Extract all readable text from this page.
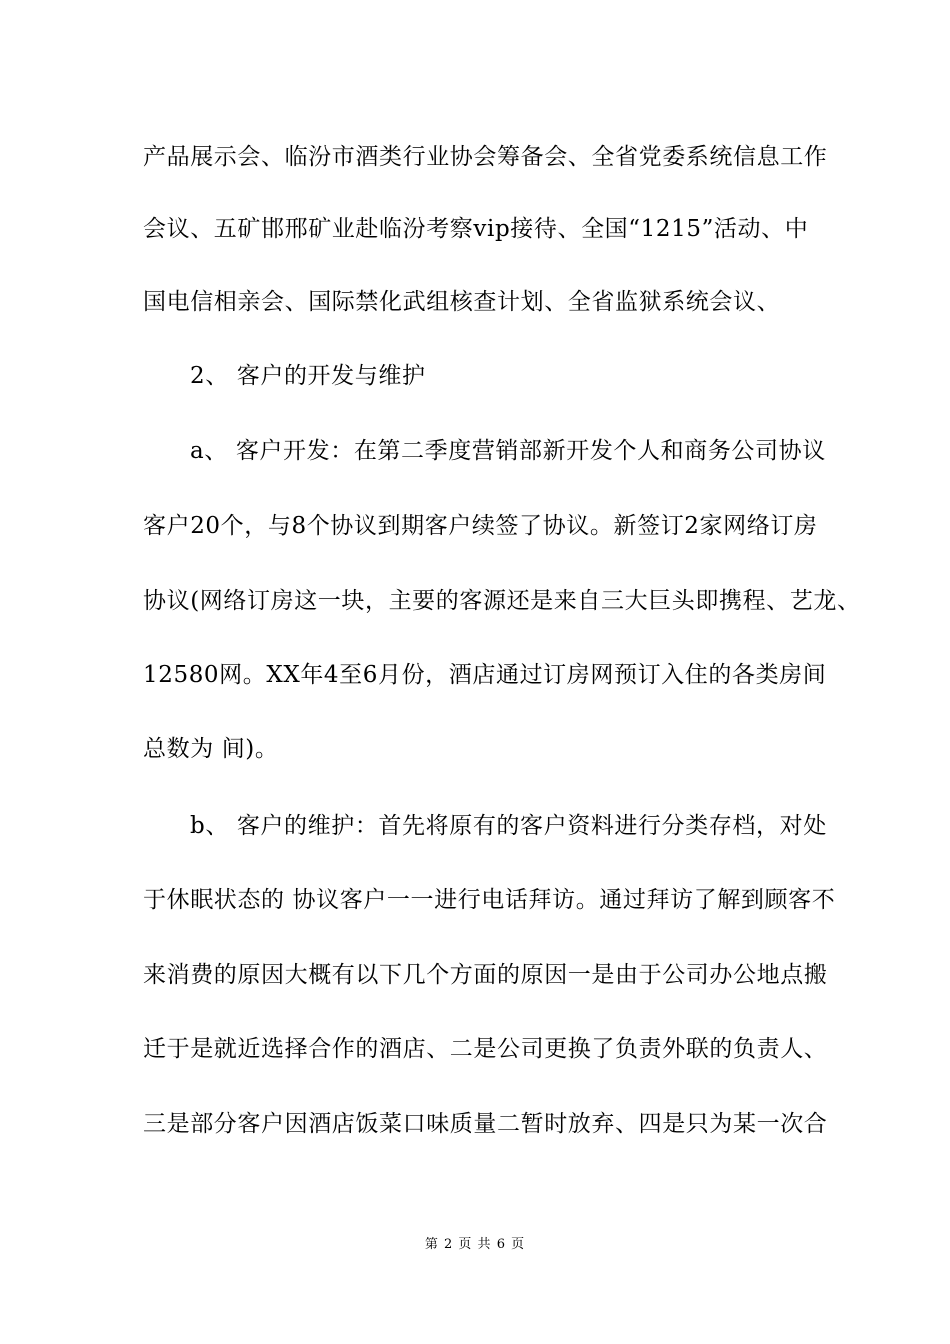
产品展示会、临汾市酒类行业协会筹备会、全省党委系统信息工作
会议、五矿邯邢矿业赴临汾考察vip接待、全国“1215”活动、中
国电信相亲会、国际禁化武组核查计划、全省监狱系统会议、
2、 客户的开发与维护
a、 客户开发：在第二季度营销部新开发个人和商务公司协议
客户20个，与8个协议到期客户续签了协议。新签订2家网络订房
协议(网络订房这一块，主要的客源还是来自三大巨头即携程、艺龙、
12580网。XX年4至6月份，酒店通过订房网预订入住的各类房间
总数为 间)。
b、 客户的维护：首先将原有的客户资料进行分类存档，对处
于休眠状态的 协议客户一一进行电话拜访。通过拜访了解到顾客不
来消费的原因大概有以下几个方面的原因一是由于公司办公地点搬
迁于是就近选择合作的酒店、二是公司更换了负责外联的负责人、
三是部分客户因酒店饭菜口味质量二暂时放弃、四是只为某一次合
第 2 页 共 6 页
